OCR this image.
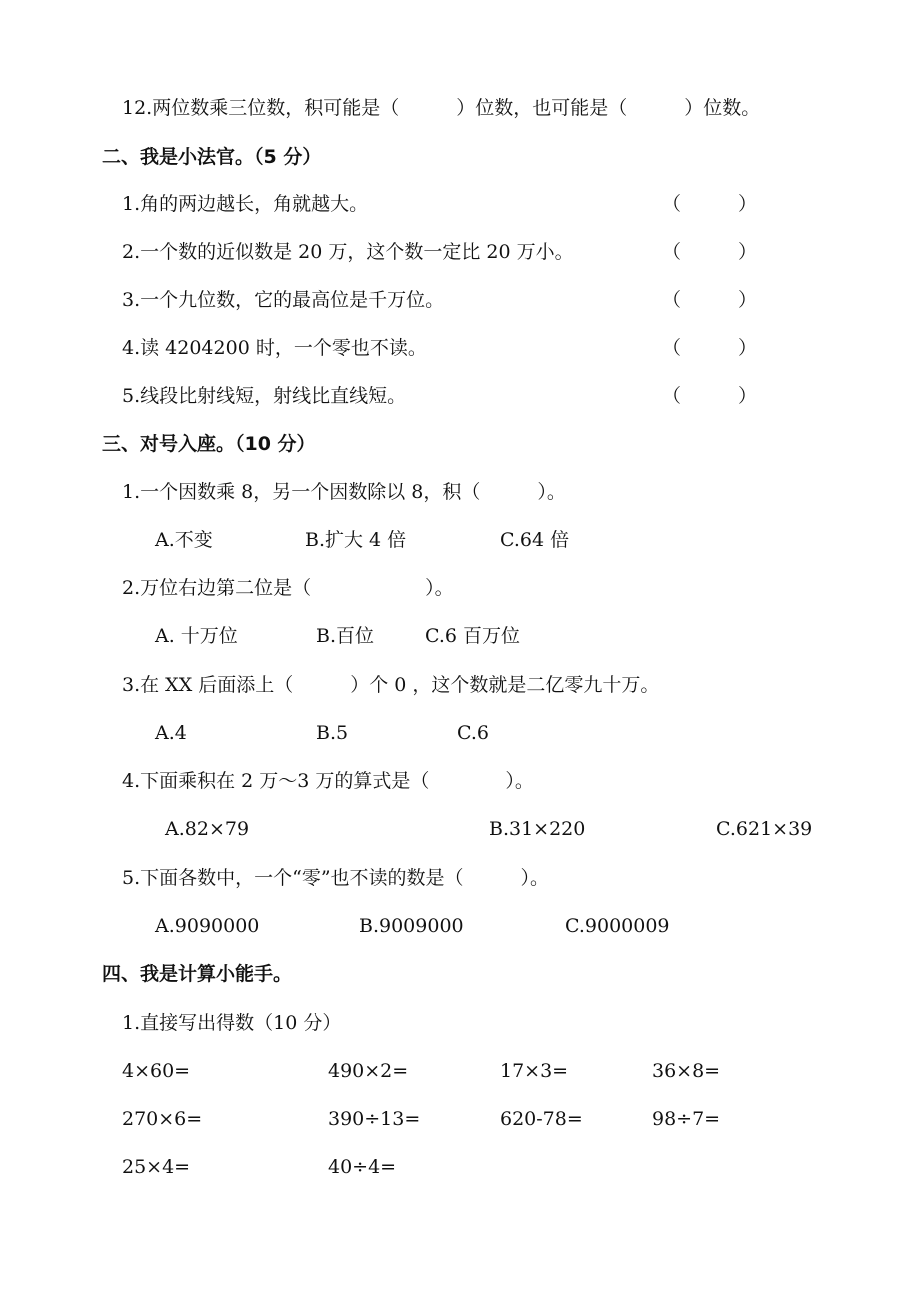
12.两位数乘三位数，积可能是（　　　）位数，也可能是（　　　）位数。
二、我是小法官。（5 分）
1.角的两边越长，角就越大。	（　　　）
2.一个数的近似数是 20 万，这个数一定比 20 万小。	（　　　）
3.一个九位数，它的最高位是千万位。	（　　　）
4.读 4204200 时，一个零也不读。	（　　　）
5.线段比射线短，射线比直线短。	（　　　）
三、对号入座。（10 分）
1.一个因数乘 8，另一个因数除以 8，积（　　　）。
A.不变	B.扩大 4 倍	C.64 倍
2.万位右边第二位是（　　　　　　）。
A. 十万位	B.百位	C.6 百万位
3.在 XX 后面添上（　　　）个 0 ，这个数就是二亿零九十万。
A.4	B.5	C.6
4.下面乘积在 2 万～3 万的算式是（　　　　）。
A.82×79	B.31×220	C.621×39
5.下面各数中，一个“零”也不读的数是（　　　）。
A.9090000	B.9009000	C.9000009
四、我是计算小能手。
1.直接写出得数（10 分）
4×60=	490×2=	17×3=	36×8=
270×6=	390÷13=	620-78=	98÷7=
25×4=	40÷4=
